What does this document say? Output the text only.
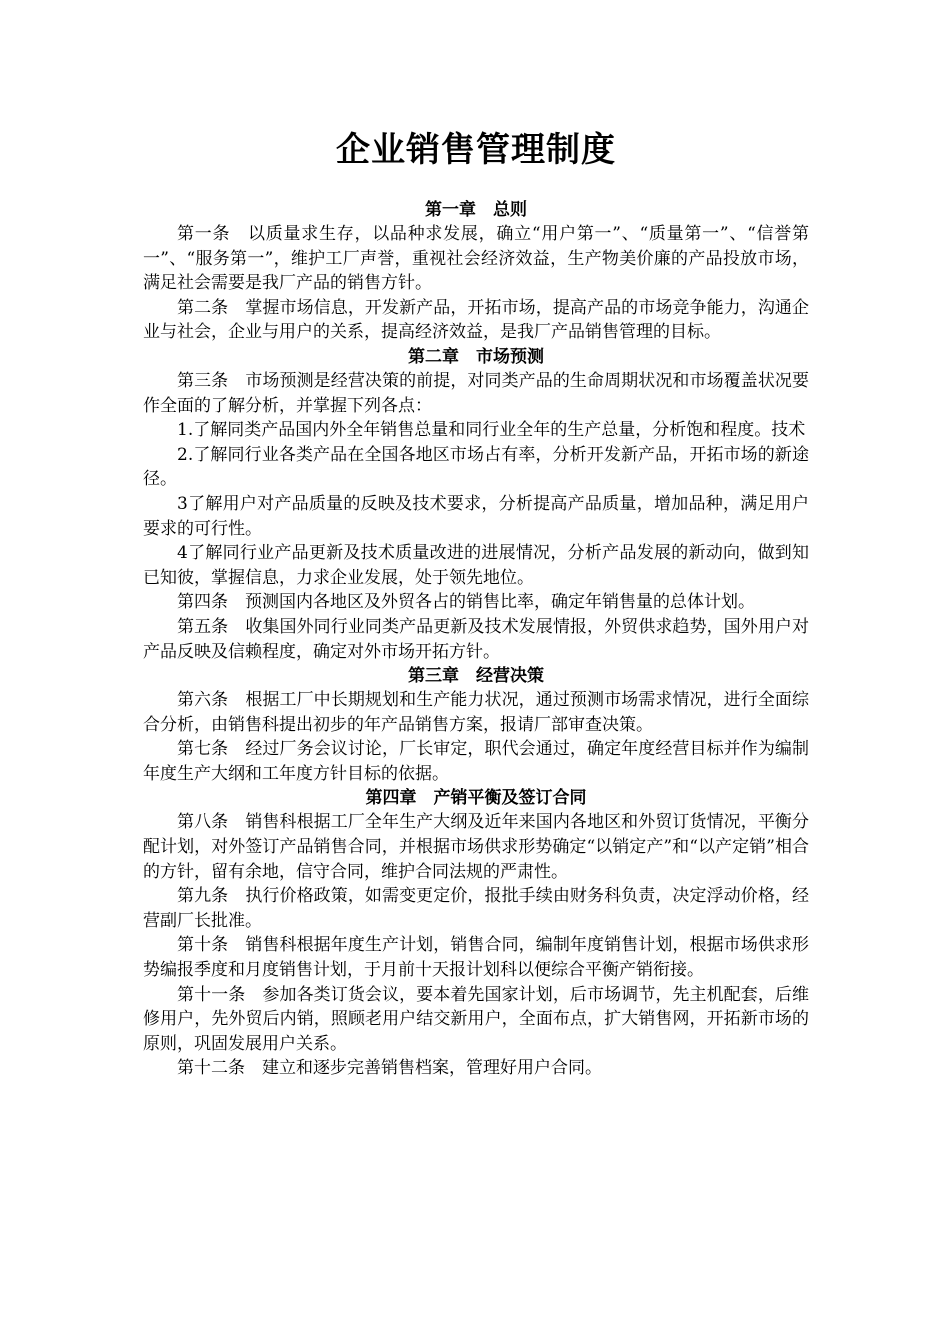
企业销售管理制度
第一章　总则

第一条　以质量求生存，以品种求发展，确立“用户第一”、“质量第一”、“信誉第一”、“服务第一”，维护工厂声誉，重视社会经济效益，生产物美价廉的产品投放市场，满足社会需要是我厂产品的销售方针。

第二条　掌握市场信息，开发新产品，开拓市场，提高产品的市场竞争能力，沟通企业与社会，企业与用户的关系，提高经济效益，是我厂产品销售管理的目标。

第二章　市场预测

第三条　市场预测是经营决策的前提，对同类产品的生命周期状况和市场覆盖状况要作全面的了解分析，并掌握下列各点：

1.了解同类产品国内外全年销售总量和同行业全年的生产总量，分析饱和程度。技术

2.了解同行业各类产品在全国各地区市场占有率，分析开发新产品，开拓市场的新途径。

3了解用户对产品质量的反映及技术要求，分析提高产品质量，增加品种，满足用户要求的可行性。

4了解同行业产品更新及技术质量改进的进展情况，分析产品发展的新动向，做到知已知彼，掌握信息，力求企业发展，处于领先地位。

第四条　预测国内各地区及外贸各占的销售比率，确定年销售量的总体计划。

第五条　收集国外同行业同类产品更新及技术发展情报，外贸供求趋势，国外用户对产品反映及信赖程度，确定对外市场开拓方针。

第三章　经营决策

第六条　根据工厂中长期规划和生产能力状况，通过预测市场需求情况，进行全面综合分析，由销售科提出初步的年产品销售方案，报请厂部审查决策。

第七条　经过厂务会议讨论，厂长审定，职代会通过，确定年度经营目标并作为编制年度生产大纲和工年度方针目标的依据。

第四章　产销平衡及签订合同

第八条　销售科根据工厂全年生产大纲及近年来国内各地区和外贸订货情况，平衡分配计划，对外签订产品销售合同，并根据市场供求形势确定“以销定产”和“以产定销”相合的方针，留有余地，信守合同，维护合同法规的严肃性。

第九条　执行价格政策，如需变更定价，报批手续由财务科负责，决定浮动价格，经营副厂长批准。

第十条　销售科根据年度生产计划，销售合同，编制年度销售计划，根据市场供求形势编报季度和月度销售计划，于月前十天报计划科以便综合平衡产销衔接。

第十一条　参加各类订货会议，要本着先国家计划，后市场调节，先主机配套，后维修用户，先外贸后内销，照顾老用户结交新用户，全面布点，扩大销售网，开拓新市场的原则，巩固发展用户关系。

第十二条　建立和逐步完善销售档案，管理好用户合同。
